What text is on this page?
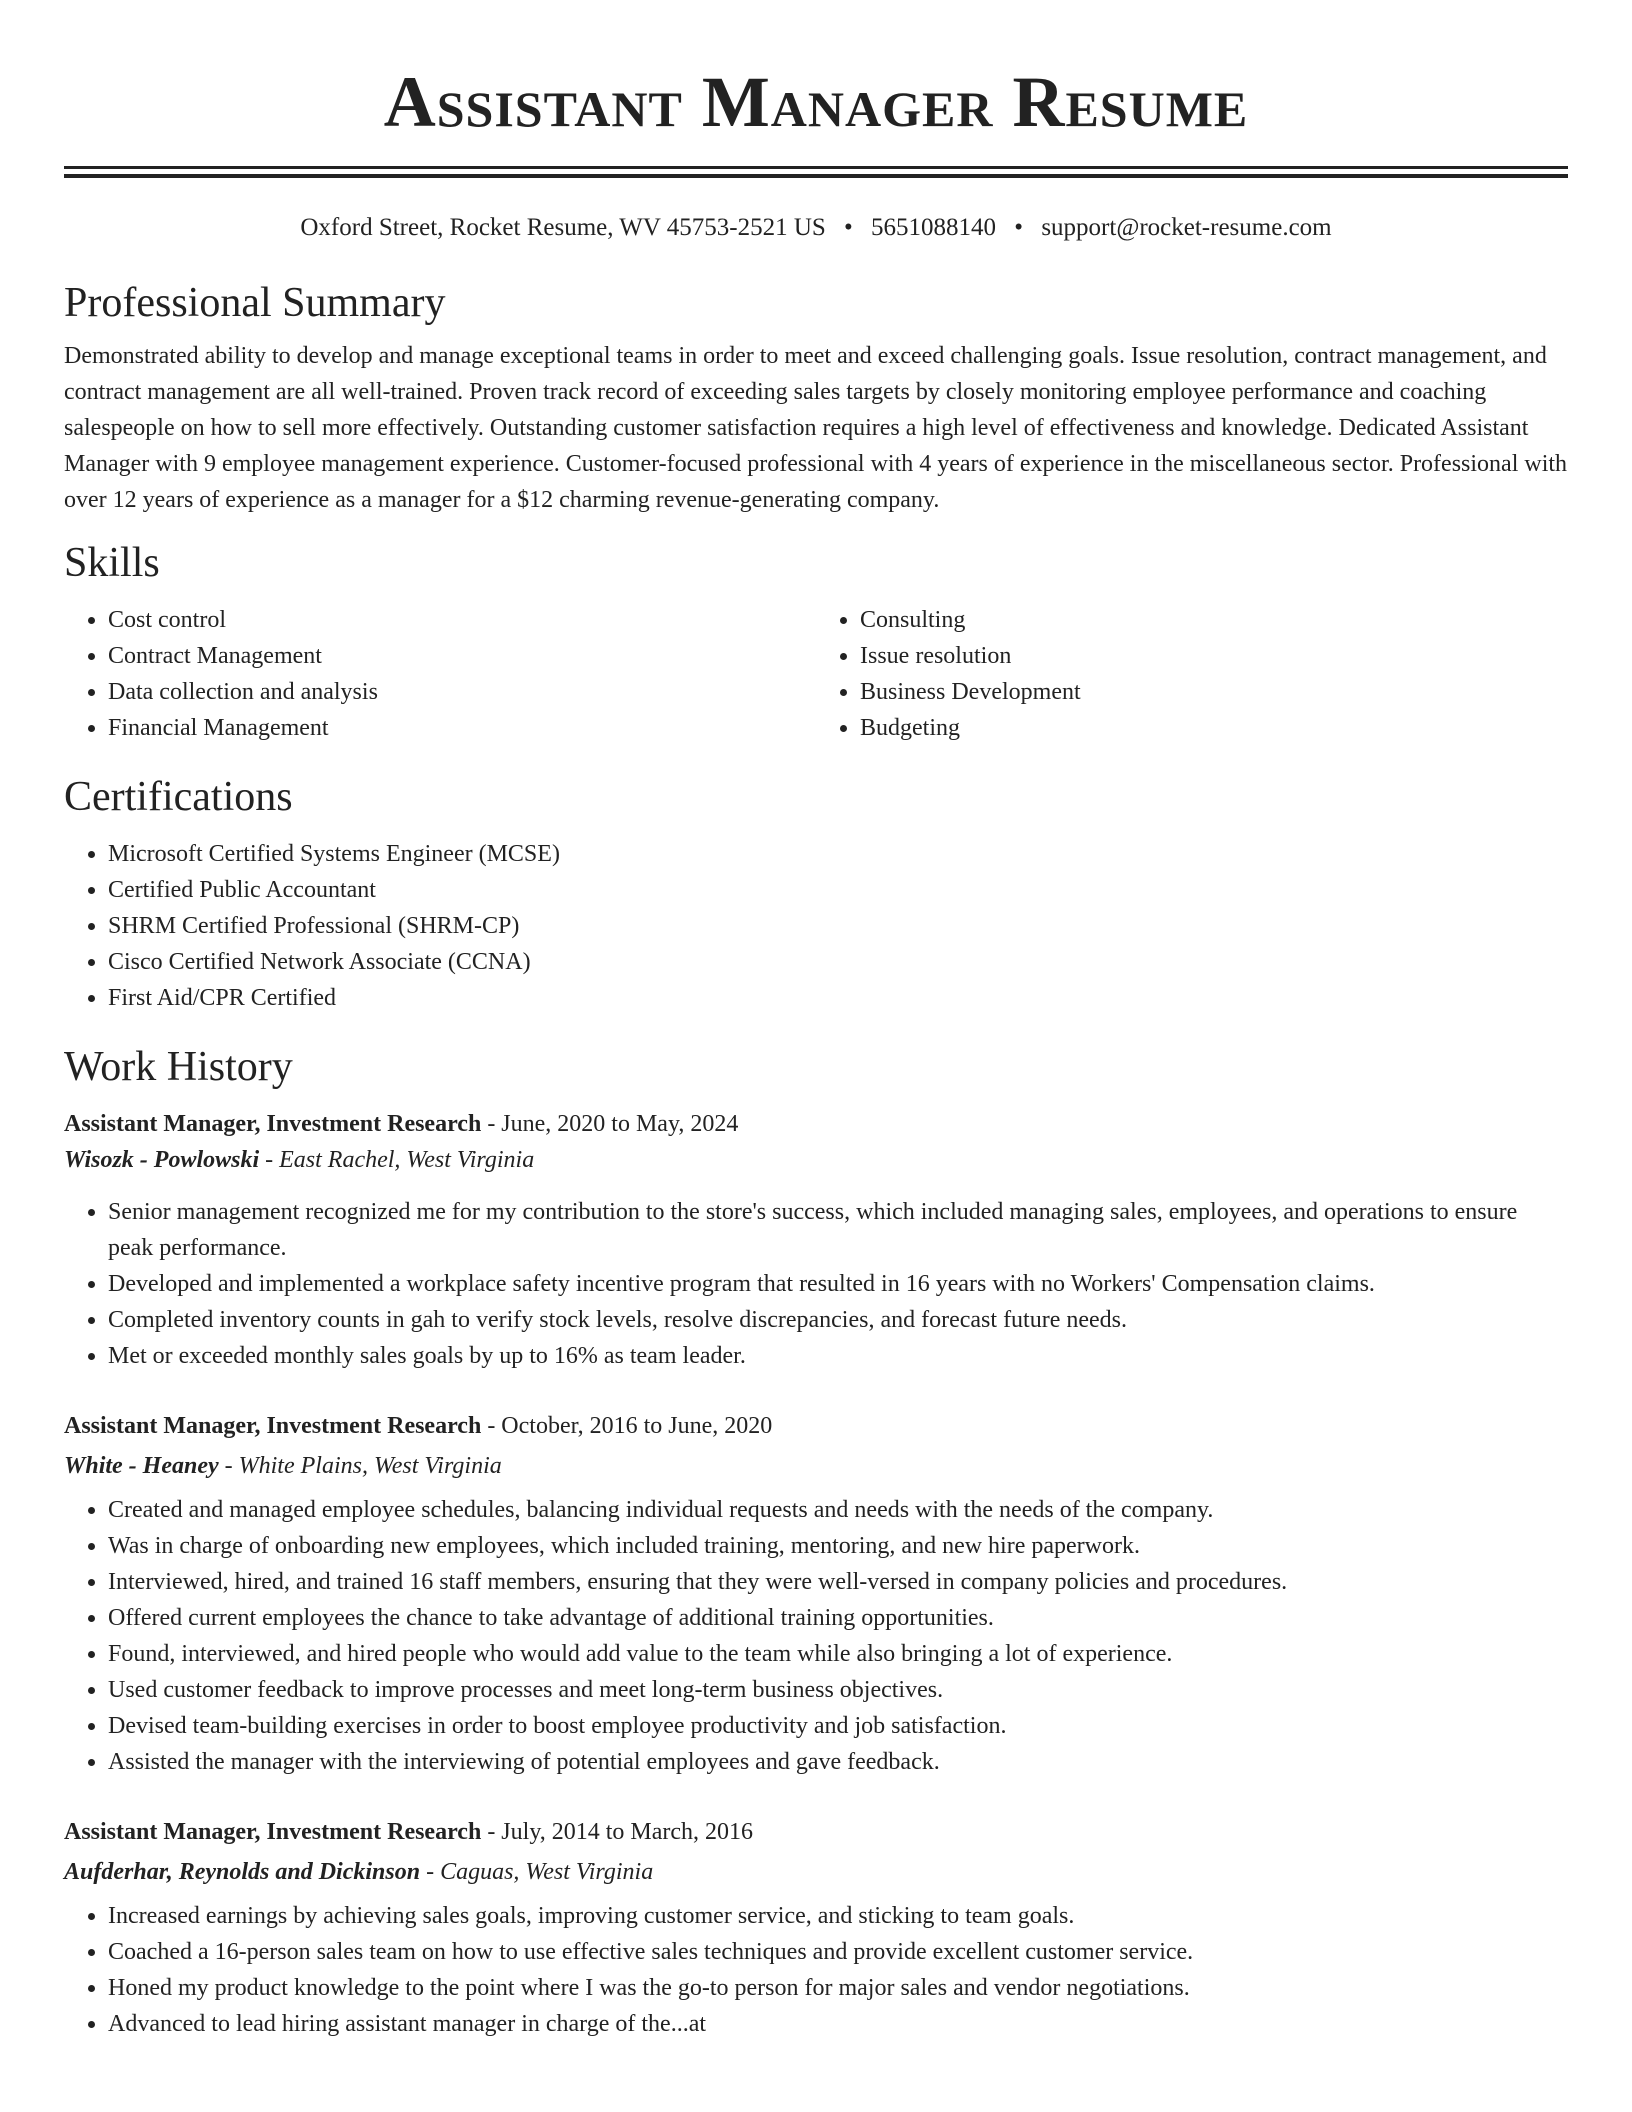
Assistant Manager Resume
Oxford Street, Rocket Resume, WV 45753-2521 US • 5651088140 • support@rocket-resume.com
Professional Summary

Demonstrated ability to develop and manage exceptional teams in order to meet and exceed challenging goals. Issue resolution, contract management, and contract management are all well-trained. Proven track record of exceeding sales targets by closely monitoring employee performance and coaching salespeople on how to sell more effectively. Outstanding customer satisfaction requires a high level of effectiveness and knowledge. Dedicated Assistant Manager with 9 employee management experience. Customer-focused professional with 4 years of experience in the miscellaneous sector. Professional with over 12 years of experience as a manager for a $12 charming revenue-generating company.

Skills
• Cost control
• Contract Management
• Data collection and analysis
• Financial Management
• Consulting
• Issue resolution
• Business Development
• Budgeting
Certifications
• Microsoft Certified Systems Engineer (MCSE)
• Certified Public Accountant
• SHRM Certified Professional (SHRM-CP)
• Cisco Certified Network Associate (CCNA)
• First Aid/CPR Certified
Work History

Assistant Manager, Investment Research - June, 2020 to May, 2024

Wisozk - Powlowski - East Rachel, West Virginia

• Senior management recognized me for my contribution to the store's success, which included managing sales, employees, and operations to ensure peak performance.
• Developed and implemented a workplace safety incentive program that resulted in 16 years with no Workers' Compensation claims.
• Completed inventory counts in gah to verify stock levels, resolve discrepancies, and forecast future needs.
• Met or exceeded monthly sales goals by up to 16% as team leader.

Assistant Manager, Investment Research - October, 2016 to June, 2020

White - Heaney - White Plains, West Virginia

• Created and managed employee schedules, balancing individual requests and needs with the needs of the company.
• Was in charge of onboarding new employees, which included training, mentoring, and new hire paperwork.
• Interviewed, hired, and trained 16 staff members, ensuring that they were well-versed in company policies and procedures.
• Offered current employees the chance to take advantage of additional training opportunities.
• Found, interviewed, and hired people who would add value to the team while also bringing a lot of experience.
• Used customer feedback to improve processes and meet long-term business objectives.
• Devised team-building exercises in order to boost employee productivity and job satisfaction.
• Assisted the manager with the interviewing of potential employees and gave feedback.

Assistant Manager, Investment Research - July, 2014 to March, 2016

Aufderhar, Reynolds and Dickinson - Caguas, West Virginia

• Increased earnings by achieving sales goals, improving customer service, and sticking to team goals.
• Coached a 16-person sales team on how to use effective sales techniques and provide excellent customer service.
• Honed my product knowledge to the point where I was the go-to person for major sales and vendor negotiations.
• Advanced to lead hiring assistant manager in charge of the...at
